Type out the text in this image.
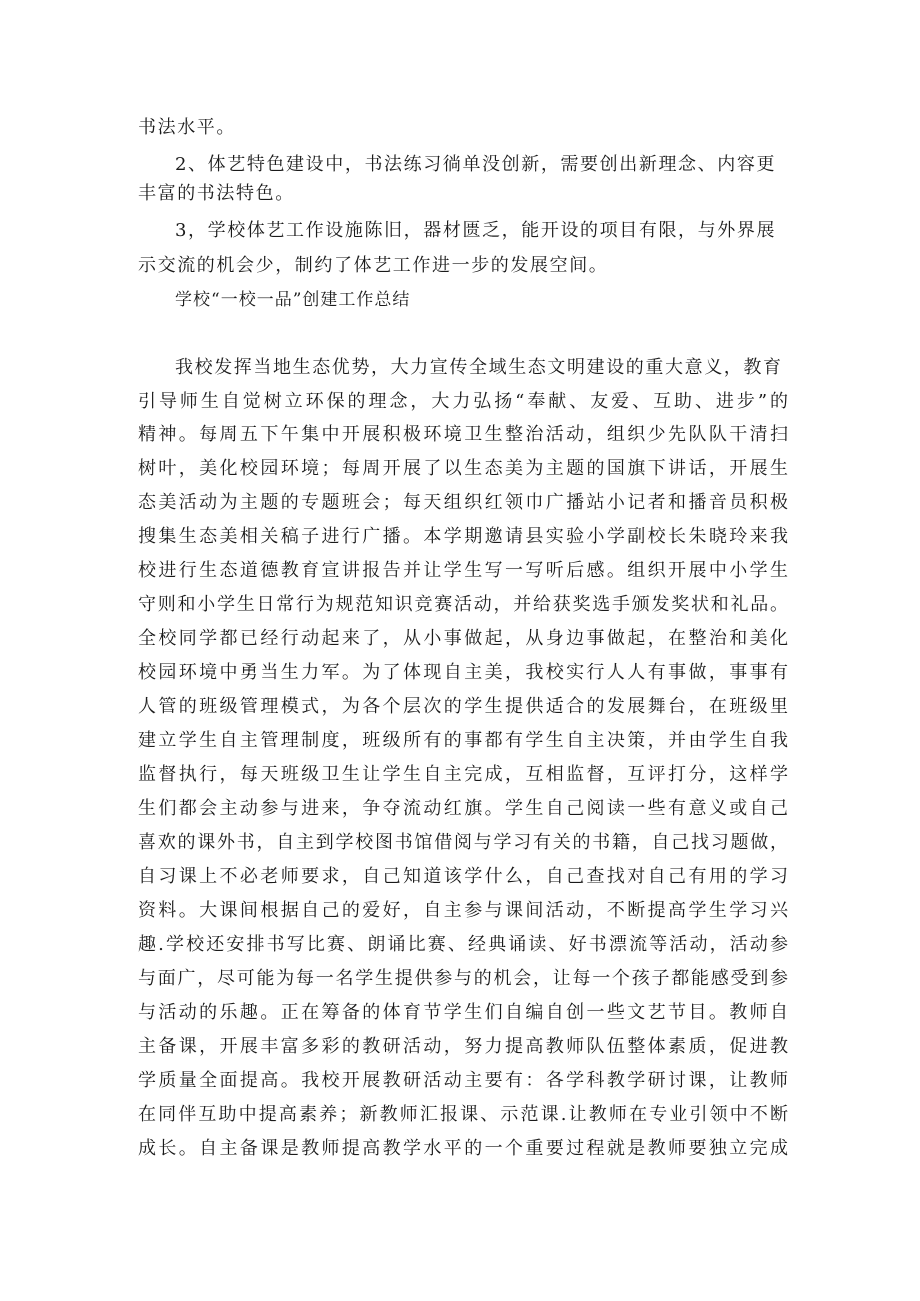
书法水平。
2、体艺特色建设中，书法练习徜单没创新，需要创出新理念、内容更
丰富的书法特色。
3，学校体艺工作设施陈旧，器材匮乏，能开设的项目有限，与外界展
示交流的机会少，制约了体艺工作进一步的发展空间。
学校“一校一品”创建工作总结
我校发挥当地生态优势，大力宣传全域生态文明建设的重大意义，教育
引导师生自觉树立环保的理念，大力弘扬“奉献、友爱、互助、进步”的
精神。每周五下午集中开展积极环境卫生整治活动，组织少先队队干清扫
树叶，美化校园环境；每周开展了以生态美为主题的国旗下讲话，开展生
态美活动为主题的专题班会；每天组织红领巾广播站小记者和播音员积极
搜集生态美相关稿子进行广播。本学期邀请县实验小学副校长朱晓玲来我
校进行生态道德教育宣讲报告并让学生写一写听后感。组织开展中小学生
守则和小学生日常行为规范知识竞赛活动，并给获奖选手颁发奖状和礼品。
全校同学都已经行动起来了，从小事做起，从身边事做起，在整治和美化
校园环境中勇当生力军。为了体现自主美，我校实行人人有事做，事事有
人管的班级管理模式，为各个层次的学生提供适合的发展舞台，在班级里
建立学生自主管理制度，班级所有的事都有学生自主决策，并由学生自我
监督执行，每天班级卫生让学生自主完成，互相监督，互评打分，这样学
生们都会主动参与进来，争夺流动红旗。学生自己阅读一些有意义或自己
喜欢的课外书，自主到学校图书馆借阅与学习有关的书籍，自己找习题做，
自习课上不必老师要求，自己知道该学什么，自己查找对自己有用的学习
资料。大课间根据自己的爱好，自主参与课间活动，不断提高学生学习兴
趣.学校还安排书写比赛、朗诵比赛、经典诵读、好书漂流等活动，活动参
与面广，尽可能为每一名学生提供参与的机会，让每一个孩子都能感受到参
与活动的乐趣。正在筹备的体育节学生们自编自创一些文艺节目。教师自
主备课，开展丰富多彩的教研活动，努力提高教师队伍整体素质，促进教
学质量全面提高。我校开展教研活动主要有：各学科教学研讨课，让教师
在同伴互助中提高素养；新教师汇报课、示范课.让教师在专业引领中不断
成长。自主备课是教师提高教学水平的一个重要过程就是教师要独立完成
